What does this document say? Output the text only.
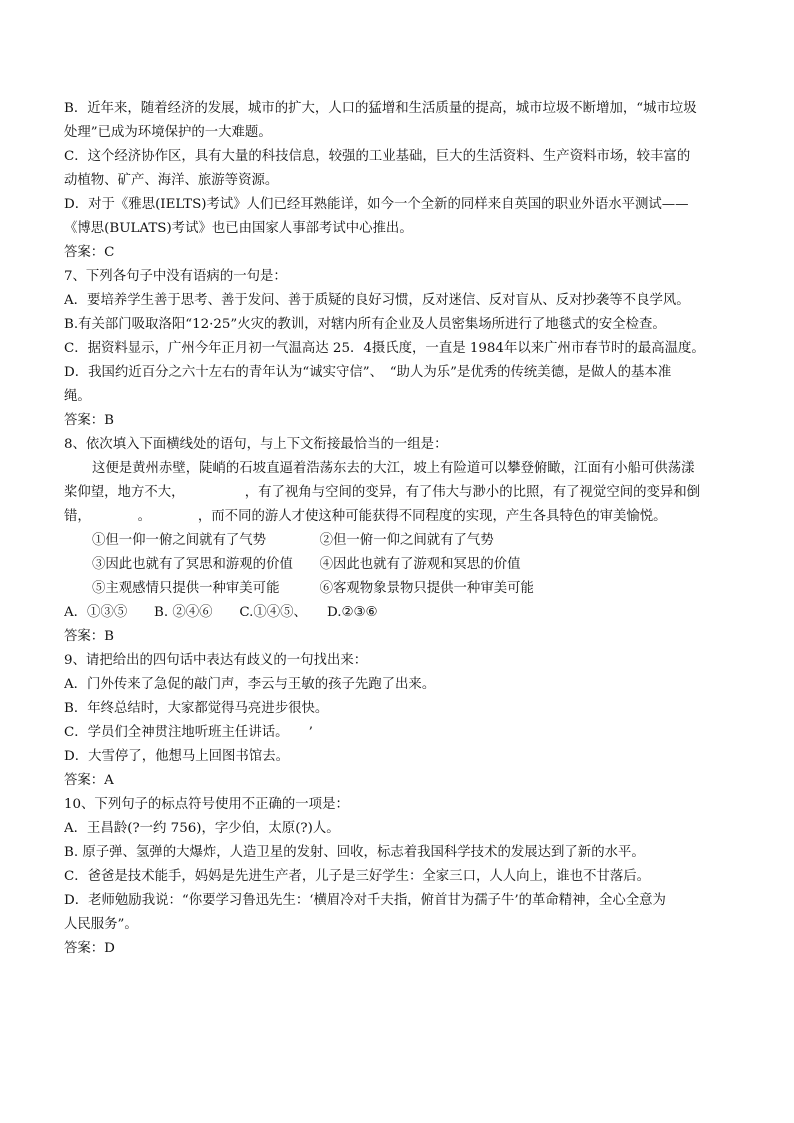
B．近年来，随着经济的发展，城市的扩大，人口的猛增和生活质量的提高，城市垃圾不断增加，“城市垃圾
处理”已成为环境保护的一大难题。
C．这个经济协作区，具有大量的科技信息，较强的工业基础，巨大的生活资料、生产资料市场，较丰富的
动植物、矿产、海洋、旅游等资源。
D．对于《雅思(IELTS)考试》人们已经耳熟能详，如今一个全新的同样来自英国的职业外语水平测试——
《博思(BULATS)考试》也已由国家人事部考试中心推出。
答案：C
7、下列各句子中没有语病的一句是：
A．要培养学生善于思考、善于发问、善于质疑的良好习惯，反对迷信、反对盲从、反对抄袭等不良学风。
B.有关部门吸取洛阳“12·25”火灾的教训，对辖内所有企业及人员密集场所进行了地毯式的安全检查。
C．据资料显示，广州今年正月初一气温高达 25．4摄氏度，一直是 1984年以来广州市春节时的最高温度。
D．我国约近百分之六十左右的青年认为“诚实守信”、　“助人为乐”是优秀的传统美德，是做人的基本准
绳。
答案：B
8、依次填入下面横线处的语句，与上下文衔接最恰当的一组是：
这便是黄州赤壁，陡峭的石坡直逼着浩荡东去的大江，坡上有险道可以攀登俯瞰，江面有小船可供荡漾
桨仰望，地方不大，　　　　　，有了视角与空间的变异，有了伟大与渺小的比照，有了视觉空间的变异和倒
错，　　　　。　　　　，而不同的游人才使这种可能获得不同程度的实现，产生各具特色的审美愉悦。
①但一仰一俯之间就有了气势　　　　②但一俯一仰之间就有了气势
③因此也就有了冥思和游观的价值　　④因此也就有了游观和冥思的价值
⑤主观感情只提供一种审美可能　　　⑥客观物象景物只提供一种审美可能
A．①③⑤　　B. ②④⑥　　C.①④⑤、　　D.②③⑥
答案：B
9、请把给出的四句话中表达有歧义的一句找出来：
A．门外传来了急促的敲门声，李云与王敏的孩子先跑了出来。
B．年终总结时，大家都觉得马亮进步很快。
C．学员们全神贯注地听班主任讲话。　　’
D．大雪停了，他想马上回图书馆去。
答案：A
10、下列句子的标点符号使用不正确的一项是：
A．王昌龄(?一约 756)，字少伯，太原(?)人。
B. 原子弹、氢弹的大爆炸，人造卫星的发射、回收，标志着我国科学技术的发展达到了新的水平。
C．爸爸是技术能手，妈妈是先进生产者，儿子是三好学生：全家三口，人人向上，谁也不甘落后。
D．老师勉励我说：“你要学习鲁迅先生：‘横眉冷对千夫指，俯首甘为孺子牛’的革命精神，全心全意为
人民服务”。
答案：D
